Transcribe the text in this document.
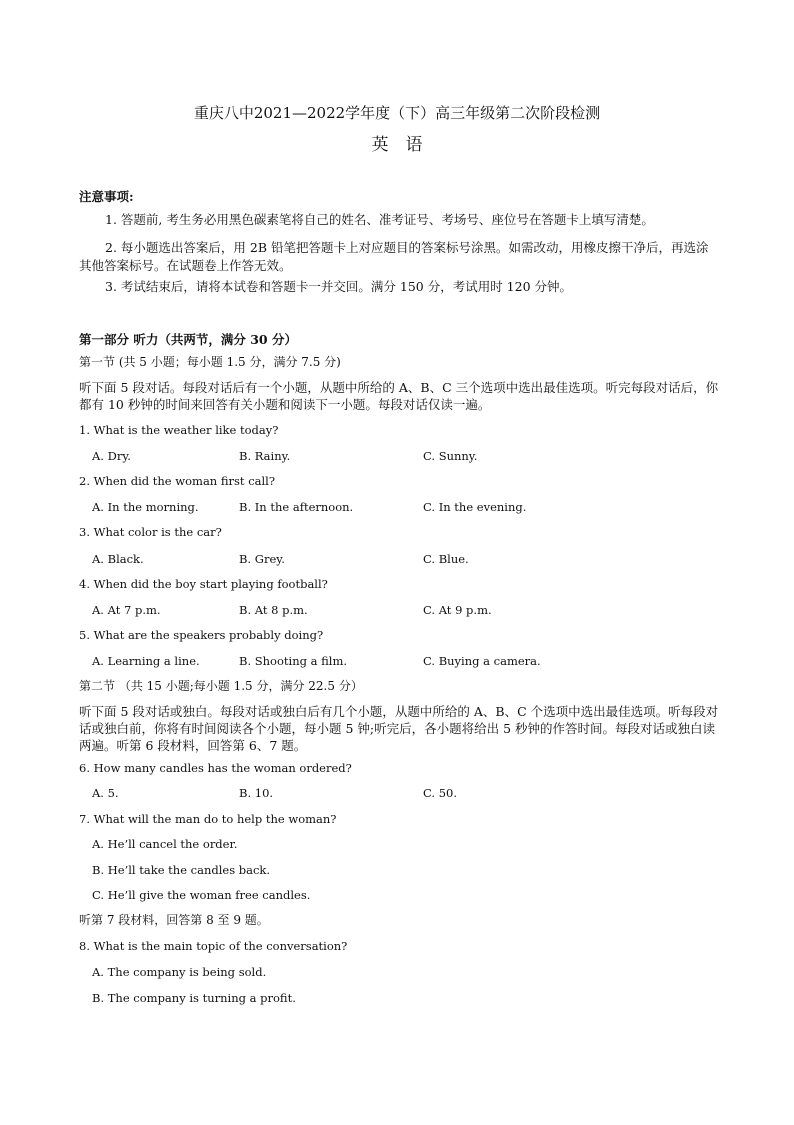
重庆八中2021—2022学年度（下）高三年级第二次阶段检测
英　语
注意事项:
1. 答题前, 考生务必用黑色碳素笔将自己的姓名、准考证号、考场号、座位号在答题卡上填写清楚。
2. 每小题选出答案后，用 2B 铅笔把答题卡上对应题目的答案标号涂黑。如需改动，用橡皮擦干净后，再选涂其他答案标号。在试题卷上作答无效。
3. 考试结束后，请将本试卷和答题卡一并交回。满分 150 分，考试用时 120 分钟。
第一部分 听力（共两节，满分 30 分）
第一节 (共 5 小题；每小题 1.5 分，满分 7.5 分)
听下面 5 段对话。每段对话后有一个小题，从题中所给的 A、B、C 三个选项中选出最佳选项。听完每段对话后，你都有 10 秒钟的时间来回答有关小题和阅读下一小题。每段对话仅读一遍。
1. What is the weather like today?
A. Dry.	B. Rainy.	C. Sunny.
2. When did the woman first call?
A. In the morning.	B. In the afternoon.	C. In the evening.
3. What color is the car?
A. Black.	B. Grey.	C. Blue.
4. When did the boy start playing football?
A. At 7 p.m.	B. At 8 p.m.	C. At 9 p.m.
5. What are the speakers probably doing?
A. Learning a line.	B. Shooting a film.	C. Buying a camera.
第二节 （共 15 小题;每小题 1.5 分，满分 22.5 分）
听下面 5 段对话或独白。每段对话或独白后有几个小题，从题中所给的 A、B、C 个选项中选出最佳选项。听每段对话或独白前，你将有时间阅读各个小题，每小题 5 钟;听完后，各小题将给出 5 秒钟的作答时间。每段对话或独白读两遍。听第 6 段材料，回答第 6、7 题。
6. How many candles has the woman ordered?
A. 5.	B. 10.	C. 50.
7. What will the man do to help the woman?
A. He’ll cancel the order.
B. He’ll take the candles back.
C. He’ll give the woman free candles.
听第 7 段材料，回答第 8 至 9 题。
8. What is the main topic of the conversation?
A. The company is being sold.
B. The company is turning a profit.
